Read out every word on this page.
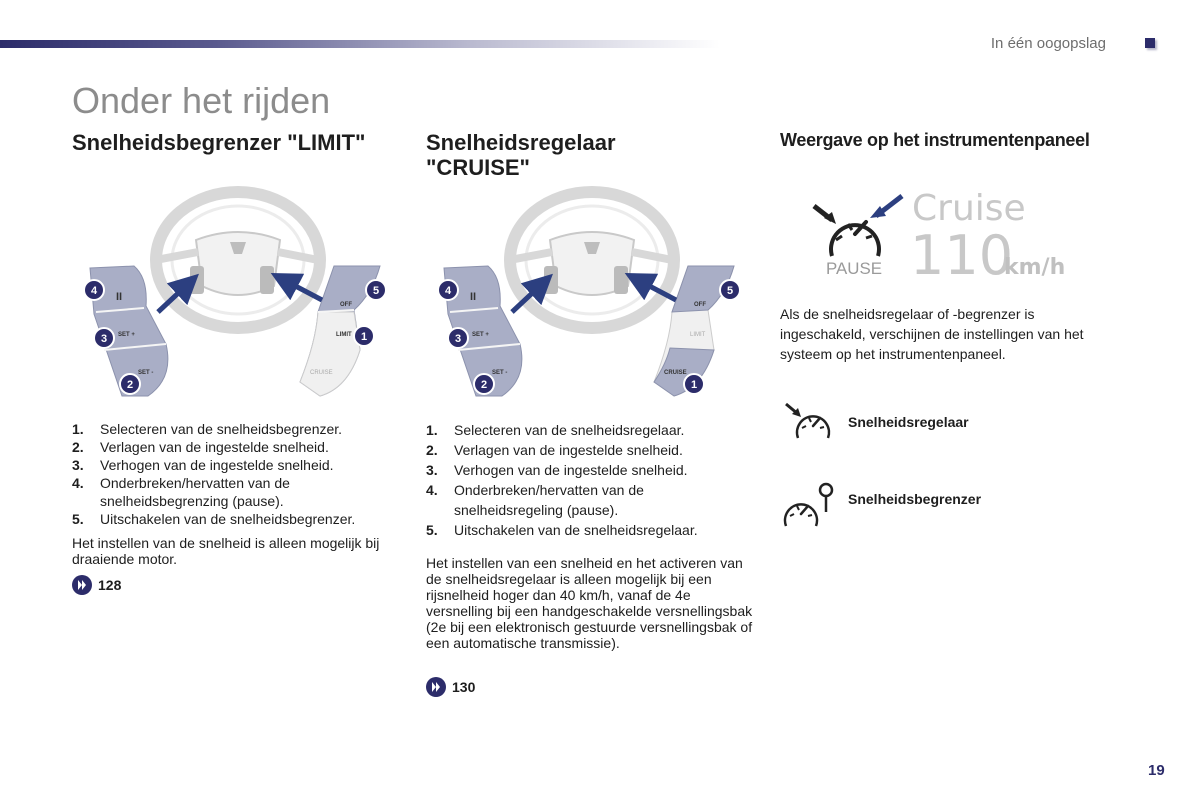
In één oogopslag
Onder het rijden
Snelheidsbegrenzer "LIMIT"
II
SET +
SET -
OFF
LIMIT
CRUISE
4
3
2
5
1
1. Selecteren van de snelheidsbegrenzer.
2. Verlagen van de ingestelde snelheid.
3. Verhogen van de ingestelde snelheid.
4. Onderbreken/hervatten van de snelheidsbegrenzing (pause).
5. Uitschakelen van de snelheidsbegrenzer.

Het instellen van de snelheid is alleen mogelijk bij draaiende motor.

128
Snelheidsregelaar
"CRUISE"
II
SET +
SET -
OFF
LIMIT
CRUISE
4
3
2
5
1
1. Selecteren van de snelheidsregelaar.
2. Verlagen van de ingestelde snelheid.
3. Verhogen van de ingestelde snelheid.
4. Onderbreken/hervatten van de snelheidsregeling (pause).
5. Uitschakelen van de snelheidsregelaar.

Het instellen van een snelheid en het activeren van de snelheidsregelaar is alleen mogelijk bij een rijsnelheid hoger dan 40 km/h, vanaf de 4e versnelling bij een handgeschakelde versnellingsbak (2e bij een elektronisch gestuurde versnellingsbak of een automatische transmissie).

130
Weergave op het instrumentenpaneel
PAUSE
Cruise
110
km/h

Als de snelheidsregelaar of -begrenzer is ingeschakeld, verschijnen de instellingen van het systeem op het instrumentenpaneel.

Snelheidsregelaar
Snelheidsbegrenzer
19
